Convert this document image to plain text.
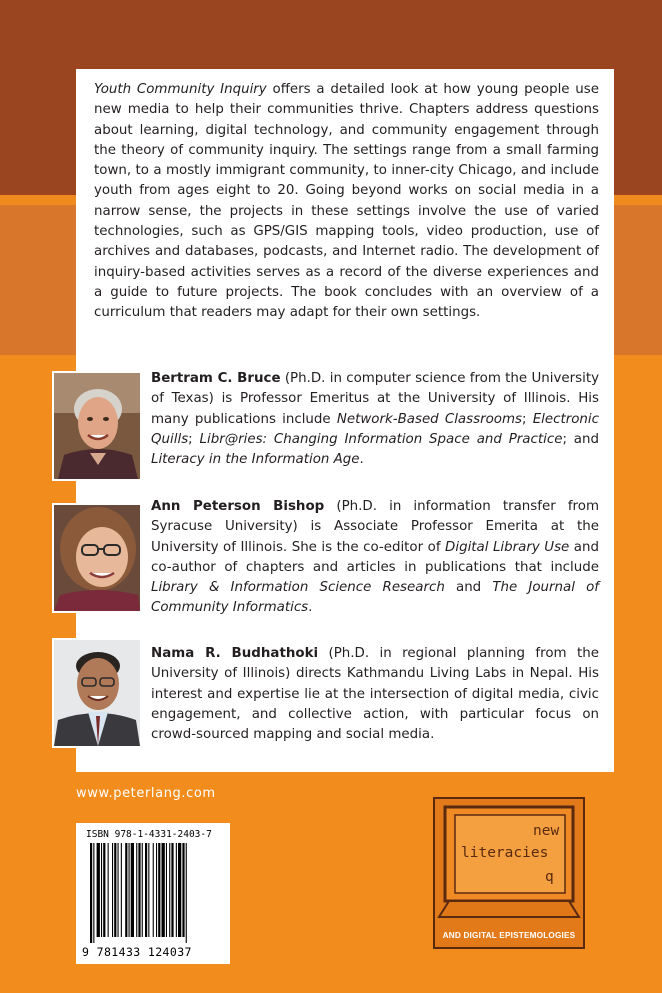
Youth Community Inquiry offers a detailed look at how young people use new media to help their communities thrive. Chapters address questions about learning, digital technology, and community engagement through the theory of community inquiry. The settings range from a small farming town, to a mostly immigrant community, to inner-city Chicago, and include youth from ages eight to 20. Going beyond works on social media in a narrow sense, the projects in these settings involve the use of varied technologies, such as GPS/GIS mapping tools, video production, use of archives and databases, podcasts, and Internet radio. The development of inquiry-based activities serves as a record of the diverse experiences and a guide to future projects. The book concludes with an overview of a curriculum that readers may adapt for their own settings.

Bertram C. Bruce (Ph.D. in computer science from the University of Texas) is Professor Emeritus at the University of Illinois. His many publications include Network-Based Classrooms; Electronic Quills; Libr@ries: Changing Information Space and Practice; and Literacy in the Information Age.

Ann Peterson Bishop (Ph.D. in information transfer from Syracuse University) is Associate Professor Emerita at the University of Illinois. She is the co-editor of Digital Library Use and co-author of chapters and articles in publications that include Library & Information Science Research and The Journal of Community Informatics.

Nama R. Budhathoki (Ph.D. in regional planning from the University of Illinois) directs Kathmandu Living Labs in Nepal. His interest and expertise lie at the intersection of digital media, civic engagement, and collective action, with particular focus on crowd-sourced mapping and social media.

www.peterlang.com
ISBN 978-1-4331-2403-7
9 781433 124037
new
literacies
q
AND DIGITAL EPISTEMOLOGIES
